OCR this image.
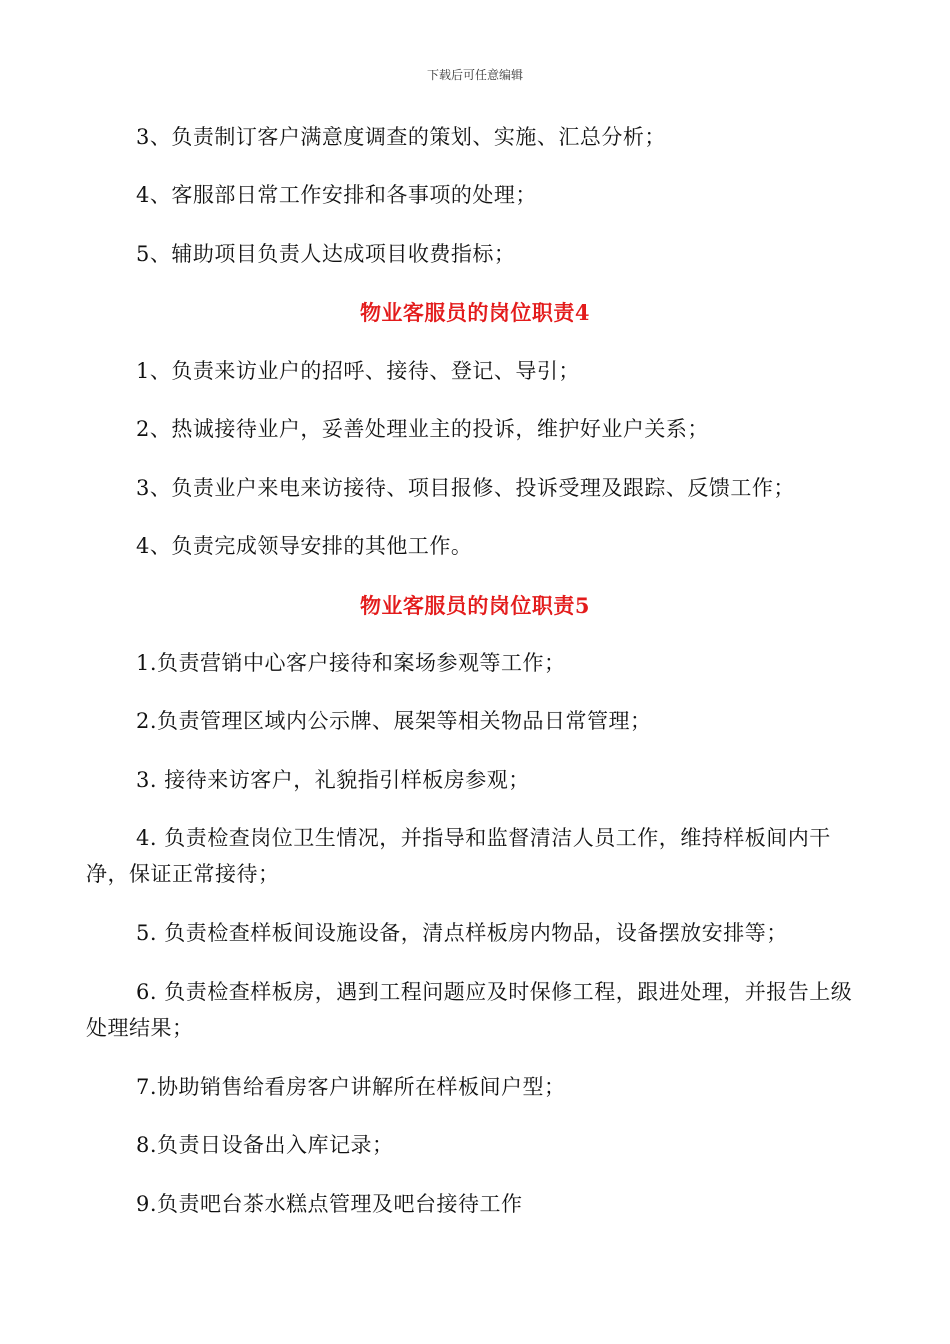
下载后可任意编辑
3、负责制订客户满意度调查的策划、实施、汇总分析；
4、客服部日常工作安排和各事项的处理；
5、辅助项目负责人达成项目收费指标；
物业客服员的岗位职责4
1、负责来访业户的招呼、接待、登记、导引；
2、热诚接待业户，妥善处理业主的投诉，维护好业户关系；
3、负责业户来电来访接待、项目报修、投诉受理及跟踪、反馈工作；
4、负责完成领导安排的其他工作。
物业客服员的岗位职责5
1.负责营销中心客户接待和案场参观等工作；
2.负责管理区域内公示牌、展架等相关物品日常管理；
3. 接待来访客户，礼貌指引样板房参观；
4. 负责检查岗位卫生情况，并指导和监督清洁人员工作，维持样板间内干净，保证正常接待；
5. 负责检查样板间设施设备，清点样板房内物品，设备摆放安排等；
6. 负责检查样板房，遇到工程问题应及时保修工程，跟进处理，并报告上级处理结果；
7.协助销售给看房客户讲解所在样板间户型；
8.负责日设备出入库记录；
9.负责吧台茶水糕点管理及吧台接待工作
